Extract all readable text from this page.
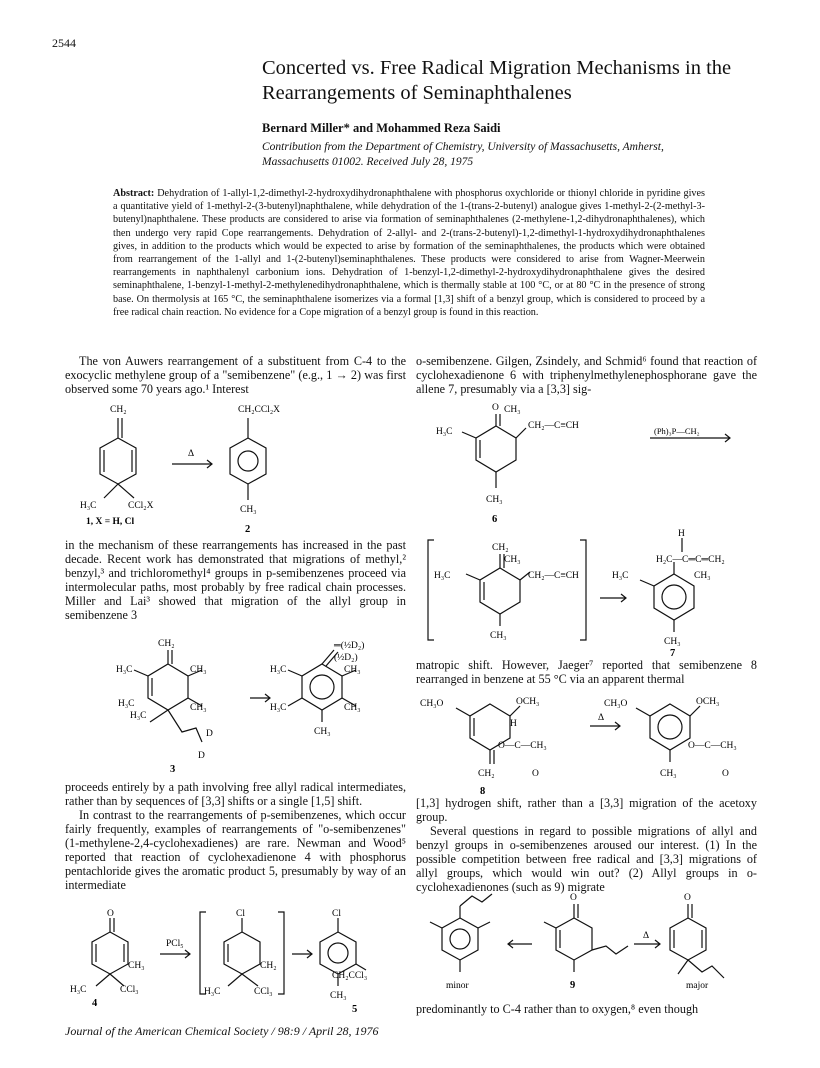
2544
Concerted vs. Free Radical Migration Mechanisms in the Rearrangements of Seminaphthalenes
Bernard Miller* and Mohammed Reza Saidi
Contribution from the Department of Chemistry, University of Massachusetts, Amherst, Massachusetts 01002. Received July 28, 1975
Abstract: Dehydration of 1-allyl-1,2-dimethyl-2-hydroxydihydronaphthalene with phosphorus oxychloride or thionyl chloride in pyridine gives a quantitative yield of 1-methyl-2-(3-butenyl)naphthalene, while dehydration of the 1-(trans-2-butenyl) analogue gives 1-methyl-2-(2-methyl-3-butenyl)naphthalene. These products are considered to arise via formation of seminaphthalenes (2-methylene-1,2-dihydronaphthalenes), which then undergo very rapid Cope rearrangements. Dehydration of 2-allyl- and 2-(trans-2-butenyl)-1,2-dimethyl-1-hydroxydihydronaphthalenes gives, in addition to the products which would be expected to arise by formation of the seminaphthalenes, the products which were obtained from rearrangement of the 1-allyl and 1-(2-butenyl)seminaphthalenes. These products were considered to arise from Wagner-Meerwein rearrangements in naphthalenyl carbonium ions. Dehydration of 1-benzyl-1,2-dimethyl-2-hydroxydihydronaphthalene gives the desired seminaphthalene, 1-benzyl-1-methyl-2-methylenedihydronaphthalene, which is thermally stable at 100 °C, or at 80 °C in the presence of strong base. On thermolysis at 165 °C, the seminaphthalene isomerizes via a formal [1,3] shift of a benzyl group, which is considered to proceed by a free radical chain reaction. No evidence for a Cope migration of a benzyl group is found in this reaction.

The von Auwers rearrangement of a substituent from C-4 to the exocyclic methylene group of a "semibenzene" (e.g., 1 → 2) was first observed some 70 years ago.¹ Interest

CH₂	CH₂CCl₂X
Δ
H₃C	CCl₂X	CH₃
1, X = H, Cl
2

in the mechanism of these rearrangements has increased in the past decade. Recent work has demonstrated that migrations of methyl,² benzyl,³ and trichloromethyl⁴ groups in p-semibenzenes proceed via intermolecular paths, most probably by free radical chain processes. Miller and Lai³ showed that migration of the allyl group in semibenzene 3

CH₂	═(½D₂)
(½D₂)
H₃C	CH₃	H₃C	CH₃
H₃C
H₃C
CH₃	H₃C	CH₃
CH₃
D
D
3

proceeds entirely by a path involving free allyl radical intermediates, rather than by sequences of [3,3] shifts or a single [1,5] shift.

In contrast to the rearrangements of p-semibenzenes, which occur fairly frequently, examples of rearrangements of "o-semibenzenes" (1-methylene-2,4-cyclohexadienes) are rare. Newman and Wood⁵ reported that reaction of cyclohexadienone 4 with phosphorus pentachloride gives the aromatic product 5, presumably by way of an intermediate

O
PCl₅
Cl	Cl
CH₃	CH₂
H₃C	CCl₃	H₃C	CCl₃	CH₃
CH₂CCl₃
4
5

o-semibenzene. Gilgen, Zsindely, and Schmid⁶ found that reaction of cyclohexadienone 6 with triphenylmethylenephosphorane gave the allene 7, presumably via a [3,3] sig-

O CH₃
H₃C
CH₂—C≡CH	(Ph)₃P—CH₂
CH₃
6
CH₂
CH₃
H₃C	CH₂—C≡CH
CH₃
H
H₂C—C═C═CH₂
H₃C	CH₃
CH₃
7

matropic shift. However, Jaeger⁷ reported that semibenzene 8 rearranged in benzene at 55 °C via an apparent thermal

CH₃O	OCH₃
H
O—C—CH₃
CH₂	O
Δ
CH₃O	OCH₃
O—C—CH₃
CH₃	O
8

[1,3] hydrogen shift, rather than a [3,3] migration of the acetoxy group.

Several questions in regard to possible migrations of allyl and benzyl groups in o-semibenzenes aroused our interest. (1) In the possible competition between free radical and [3,3] migrations of allyl groups, which would win out? (2) Allyl groups in o-cyclohexadienones (such as 9) migrate

O	O
Δ
minor	9	major

predominantly to C-4 rather than to oxygen,⁸ even though

Journal of the American Chemical Society / 98:9 / April 28, 1976
